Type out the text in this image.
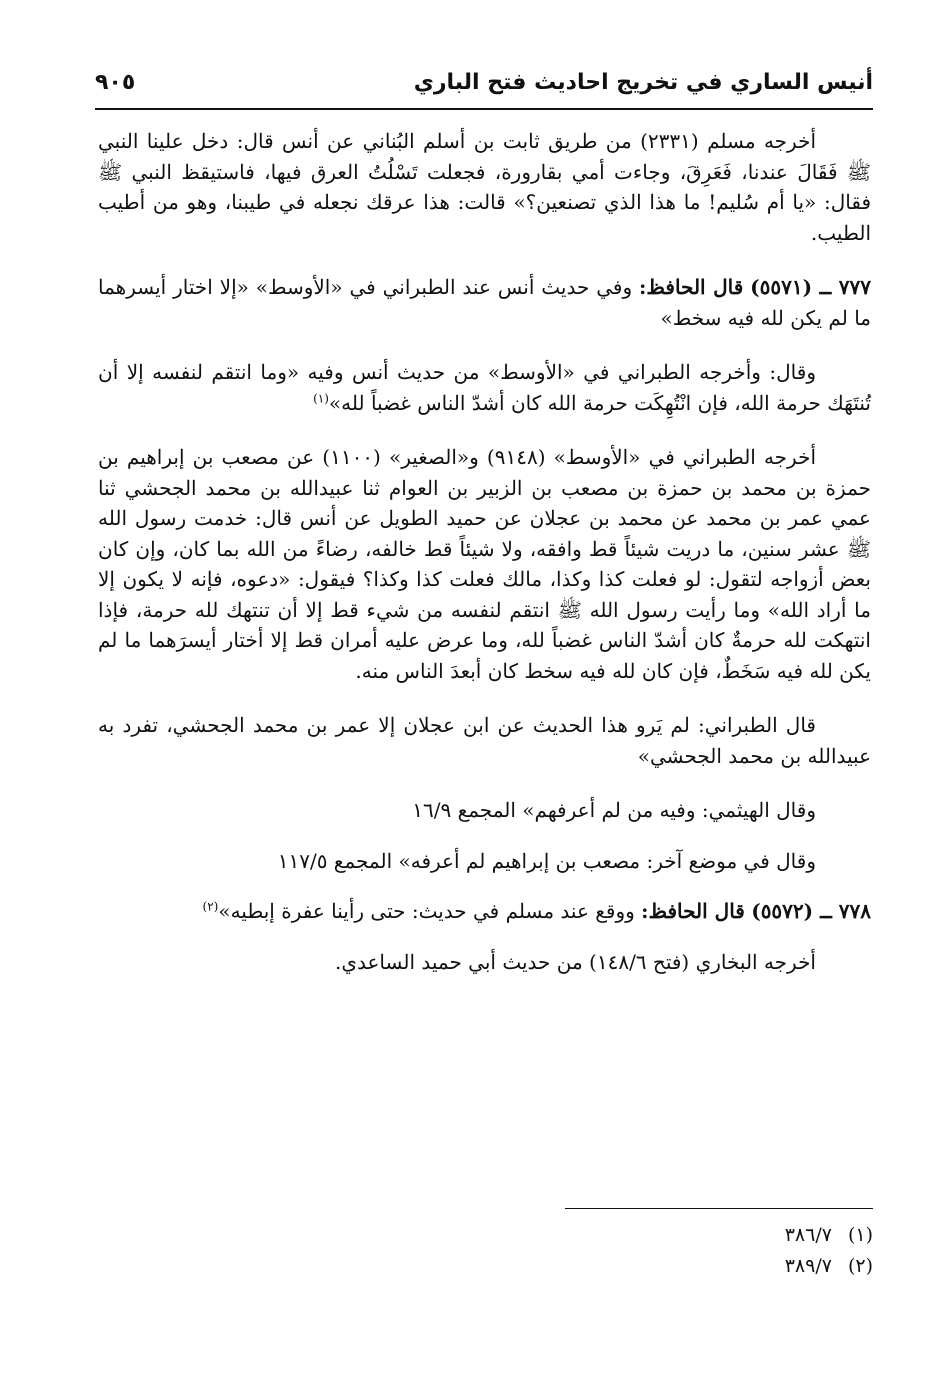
أنيس الساري في تخريج احاديث فتح الباري
٩٠٥

أخرجه مسلم (٢٣٣١) من طريق ثابت بن أسلم البُناني عن أنس قال: دخل علينا النبي ﷺ فَقَالَ عندنا، فَعَرِقَ، وجاءت أمي بقارورة، فجعلت تَسْلُتُ العرق فيها، فاستيقظ النبي ﷺ فقال: «يا أم سُليم! ما هذا الذي تصنعين؟» قالت: هذا عرقك نجعله في طيبنا، وهو من أطيب الطيب.

٧٧٧ ــ (٥٥٧١) قال الحافظ: وفي حديث أنس عند الطبراني في «الأوسط» «إلا اختار أيسرهما ما لم يكن لله فيه سخط»

وقال: وأخرجه الطبراني في «الأوسط» من حديث أنس وفيه «وما انتقم لنفسه إلا أن تُنتَهَك حرمة الله، فإن انْتُهِكَت حرمة الله كان أشدّ الناس غضباً لله»$^{(١)}$

أخرجه الطبراني في «الأوسط» (٩١٤٨) و«الصغير» (١١٠٠) عن مصعب بن إبراهيم بن حمزة بن محمد بن حمزة بن مصعب بن الزبير بن العوام ثنا عبيدالله بن محمد الجحشي ثنا عمي عمر بن محمد عن محمد بن عجلان عن حميد الطويل عن أنس قال: خدمت رسول الله ﷺ عشر سنين، ما دريت شيئاً قط وافقه، ولا شيئاً قط خالفه، رضاءً من الله بما كان، وإن كان بعض أزواجه لتقول: لو فعلت كذا وكذا، مالك فعلت كذا وكذا؟ فيقول: «دعوه، فإنه لا يكون إلا ما أراد الله» وما رأيت رسول الله ﷺ انتقم لنفسه من شيء قط إلا أن تنتهك لله حرمة، فإذا انتهكت لله حرمةٌ كان أشدّ الناس غضباً لله، وما عرض عليه أمران قط إلا أختار أيسرَهما ما لم يكن لله فيه سَخَطٌ، فإن كان لله فيه سخط كان أبعدَ الناس منه.

قال الطبراني: لم يَرو هذا الحديث عن ابن عجلان إلا عمر بن محمد الجحشي، تفرد به عبيدالله بن محمد الجحشي»

وقال الهيثمي: وفيه من لم أعرفهم» المجمع ١٦/٩

وقال في موضع آخر: مصعب بن إبراهيم لم أعرفه» المجمع ١١٧/٥

٧٧٨ ــ (٥٥٧٢) قال الحافظ: ووقع عند مسلم في حديث: حتى رأينا عفرة إبطيه»$^{(٢)}$

أخرجه البخاري (فتح ١٤٨/٦) من حديث أبي حميد الساعدي.

(١)٣٨٦/٧

(٢)٣٨٩/٧
